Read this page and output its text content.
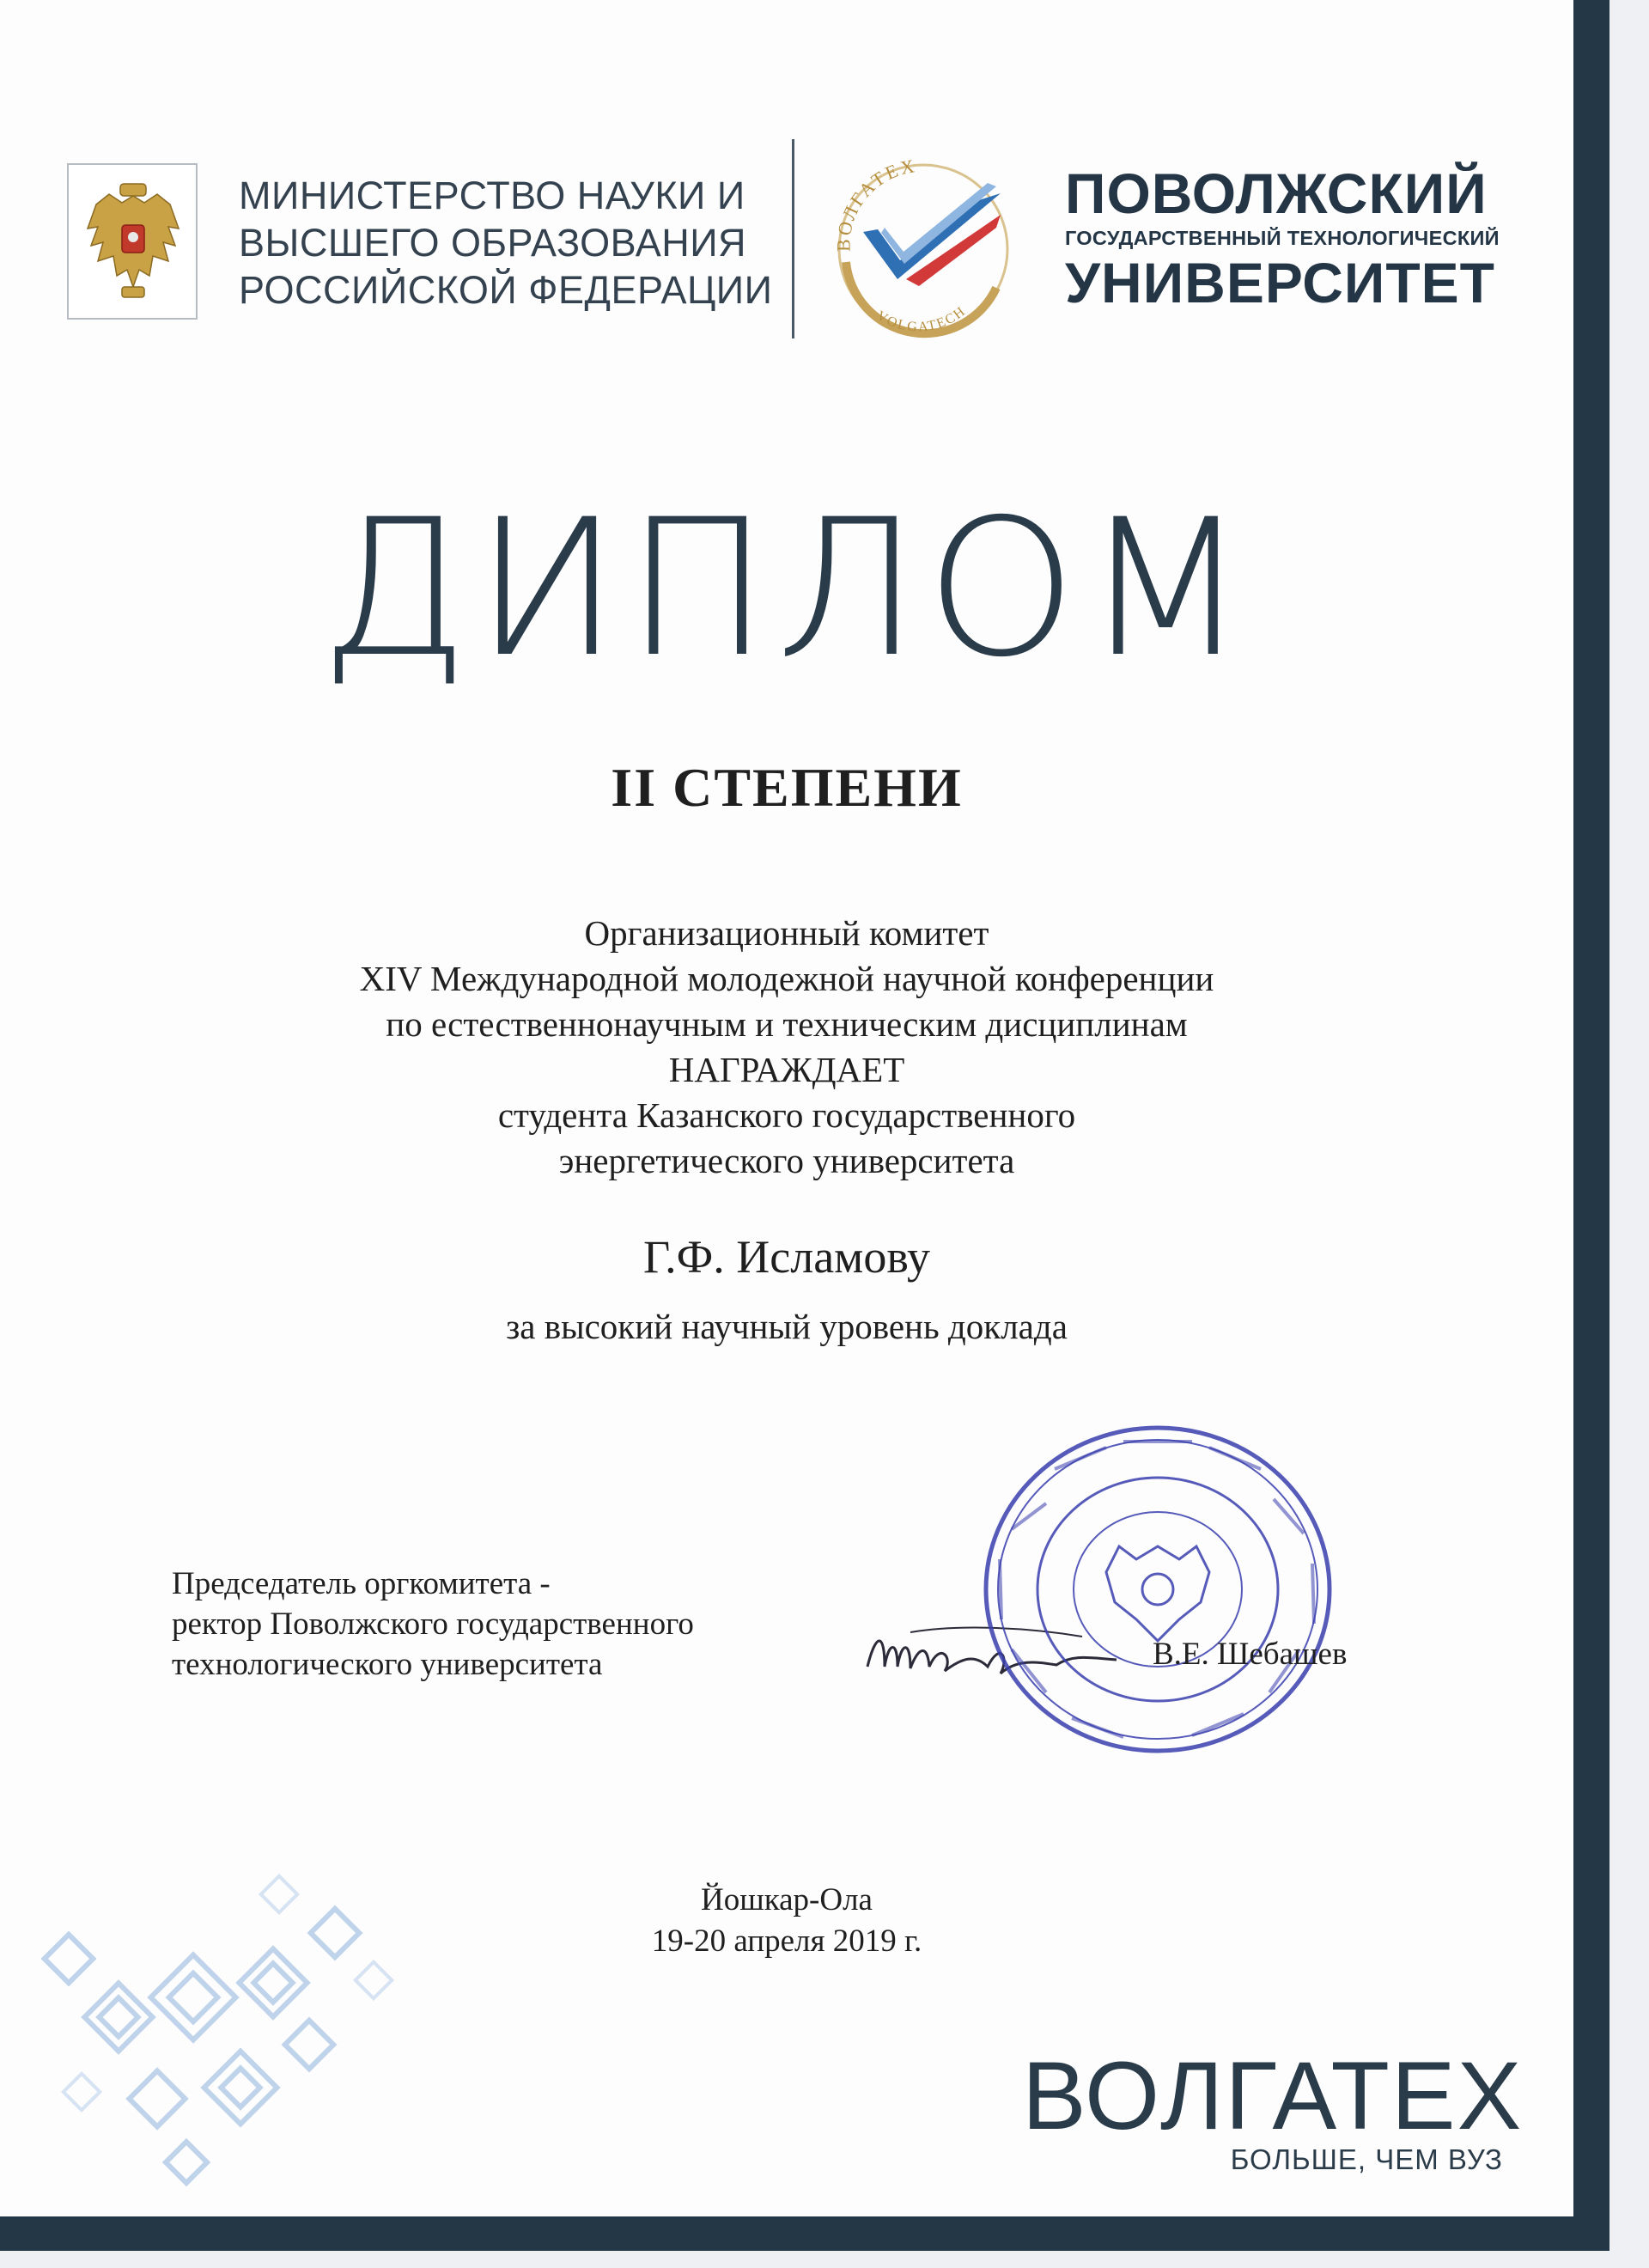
МИНИСТЕРСТВО НАУКИ И
ВЫСШЕГО ОБРАЗОВАНИЯ
РОССИЙСКОЙ ФЕДЕРАЦИИ
ВОЛГАТЕХ
VOLGATECH
ПОВОЛЖСКИЙ
ГОСУДАРСТВЕННЫЙ ТЕХНОЛОГИЧЕСКИЙ
УНИВЕРСИТЕТ
ДИПЛОМ
II СТЕПЕНИ
Организационный комитет
XIV Международной молодежной научной конференции
по естественнонаучным и техническим дисциплинам
НАГРАЖДАЕТ
студента Казанского государственного
энергетического университета
Г.Ф. Исламову
за высокий научный уровень доклада
Председатель оргкомитета -
ректор Поволжского государственного
технологического университета	В.Е. Шебашев
Йошкар-Ола
19-20 апреля 2019 г.
ВОЛГАТЕХ
БОЛЬШЕ, ЧЕМ ВУЗ
